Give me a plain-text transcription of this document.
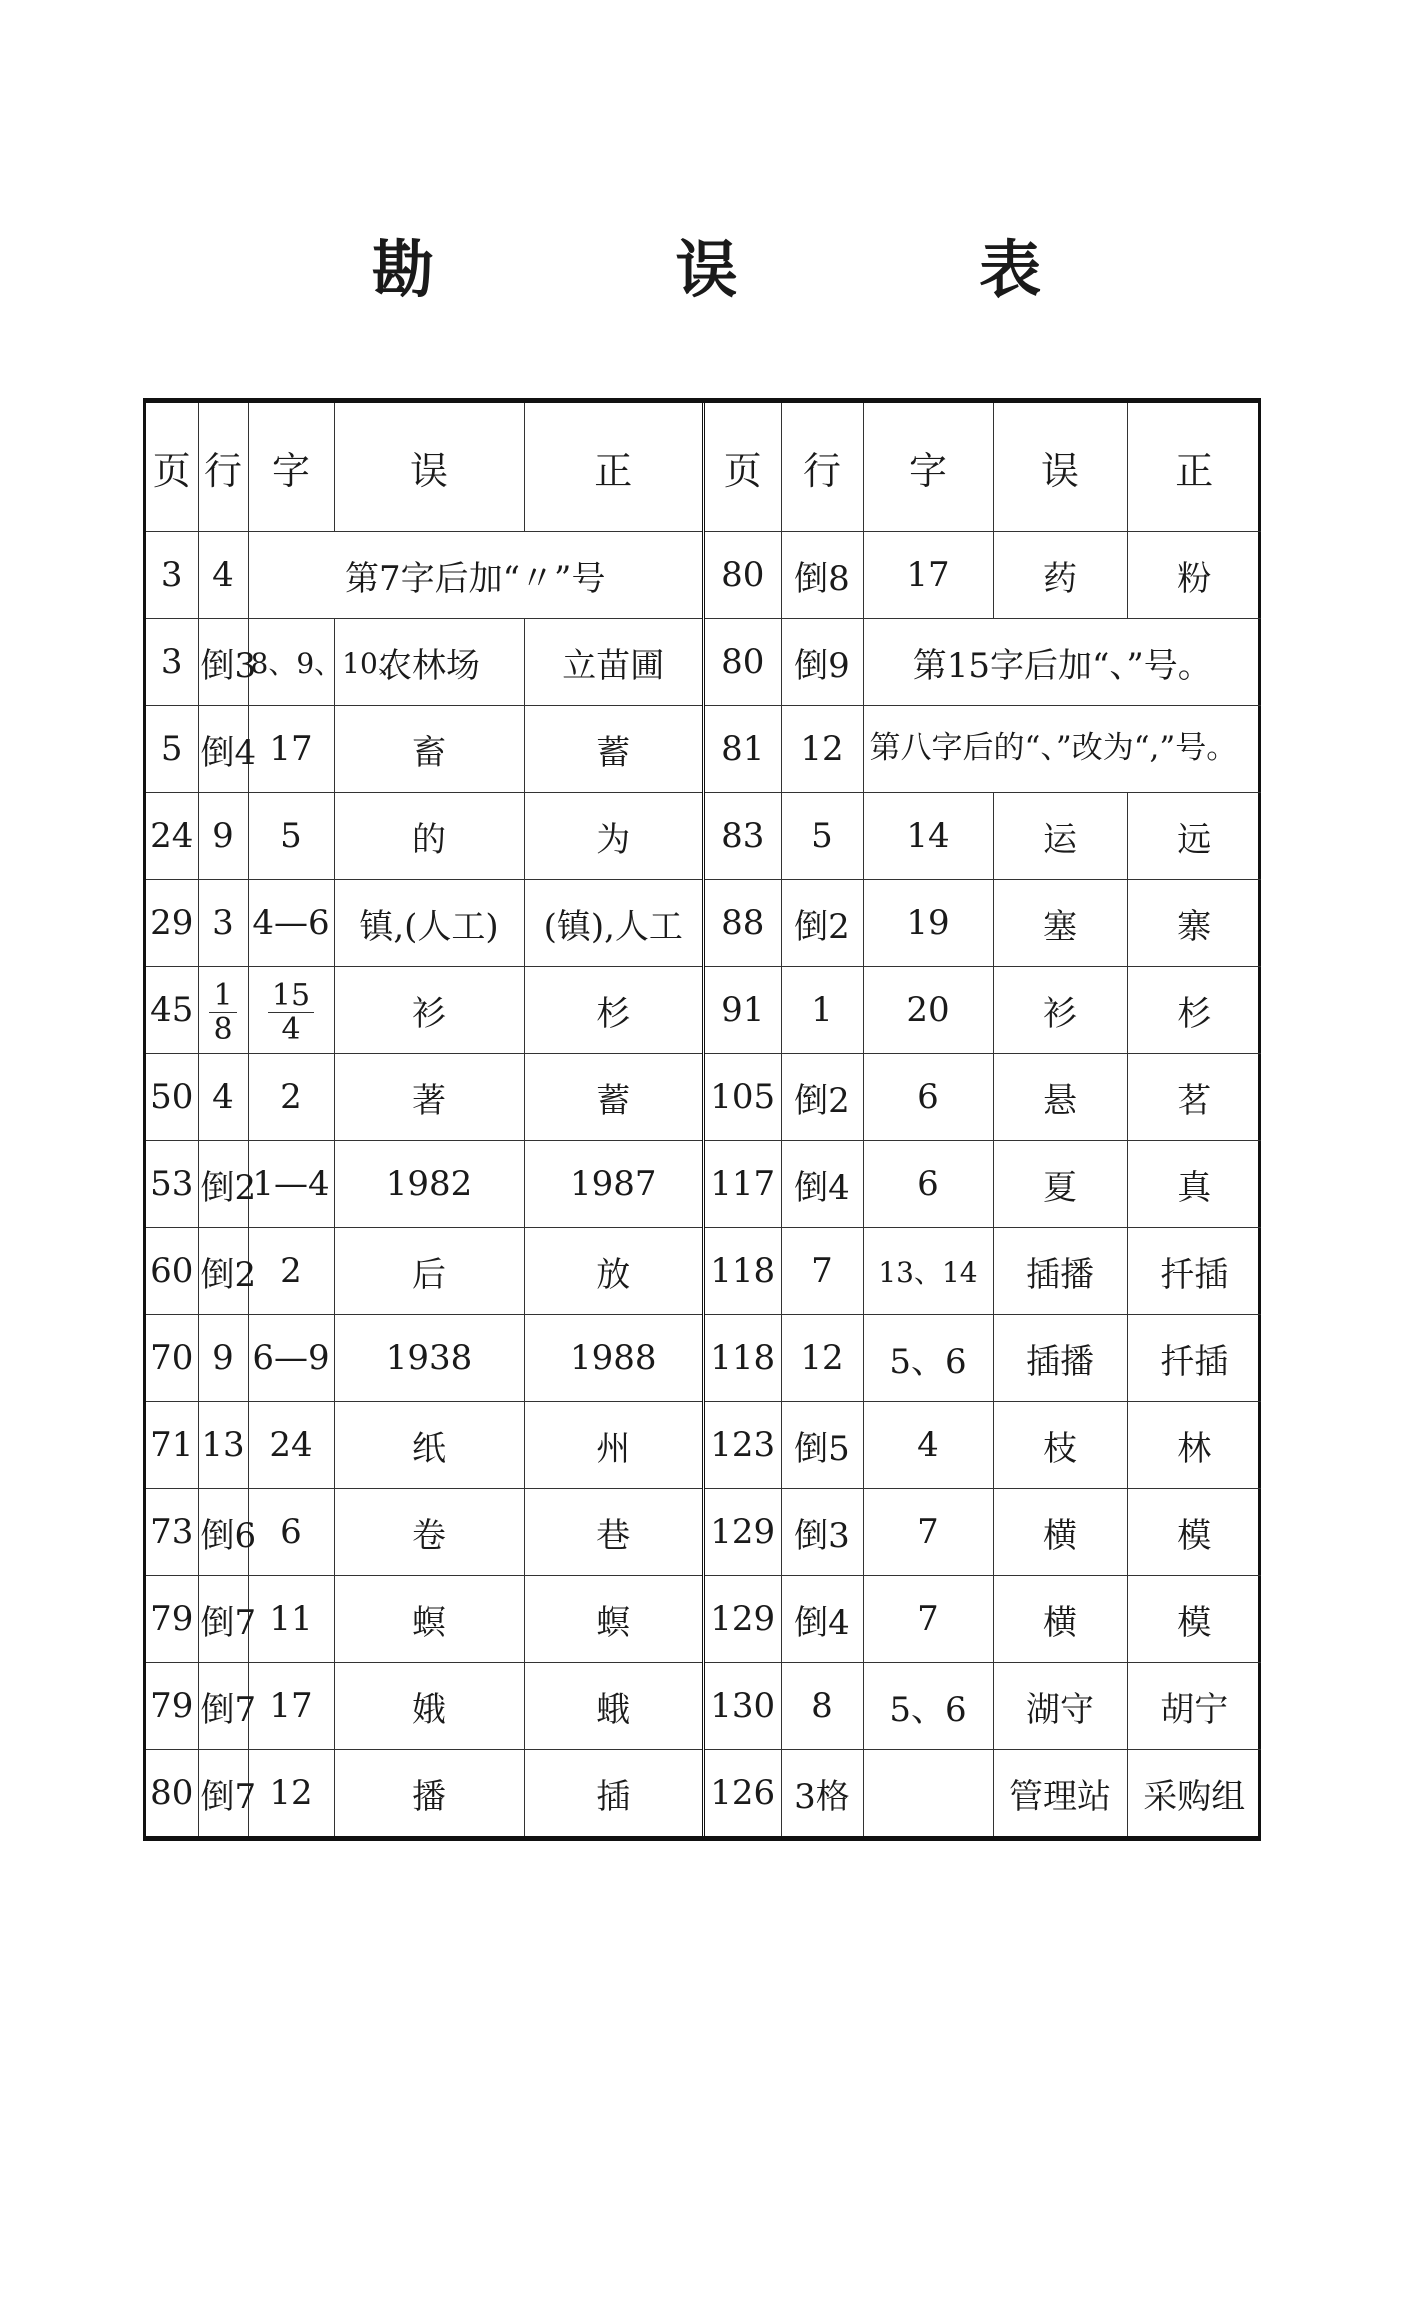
勘 误 表
页	行	字	误	正
3	4	第7字后加“〃”号		
3	倒3	8、9、10、	农林场	立苗圃
5	倒4	17	畜	蓄
24	9	5	的	为
29	3	4—6	镇,(人工)	(镇),人工
45	$\frac{1}{8}$	$\frac{15}{4}$	衫	杉
50	4	2	著	蓄
53	倒2	1—4	1982	1987
60	倒2	2	后	放
70	9	6—9	1938	1988
71	13	24	纸	州
73	倒6	6	卷	巷
79	倒7	11	螟	螟
79	倒7	17	娥	蛾
80	倒7	12	播	插
页	行	字	误	正
80	倒8	17	药	粉
80	倒9	第15字后加“、”号。		
81	12	第八字后的“、”改为“,”号。		
83	5	14	运	远
88	倒2	19	塞	寨
91	1	20	衫	杉
105	倒2	6	悬	茗
117	倒4	6	夏	真
118	7	13、14	插播	扦插
118	12	5、6	插播	扦插
123	倒5	4	枝	林
129	倒3	7	横	模
129	倒4	7	横	模
130	8	5、6	湖守	胡宁
126	3格		管理站	采购组
